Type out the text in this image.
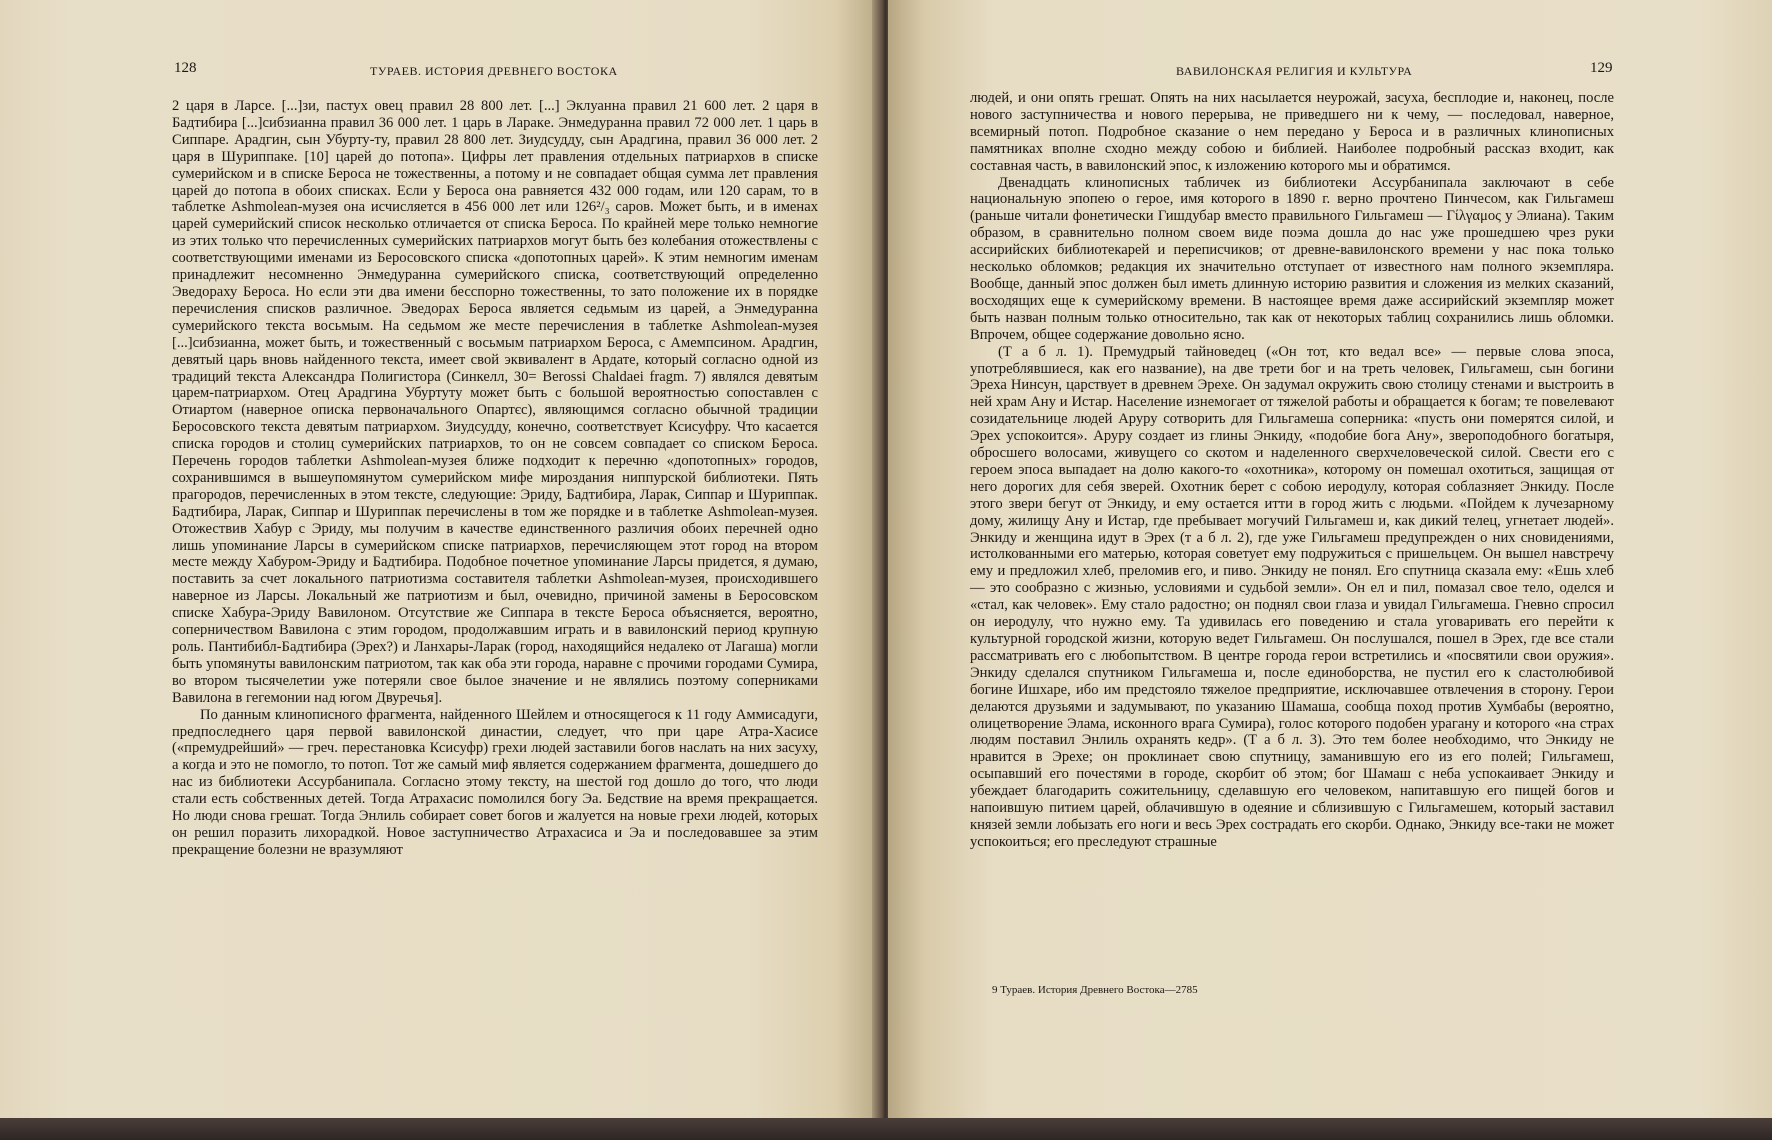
128	ТУРАЕВ. ИСТОРИЯ ДРЕВНЕГО ВОСТОКА

2 царя в Ларсе. [...]зи, пастух овец правил 28 800 лет. [...] Эклуанна правил 21 600 лет. 2 царя в Бадтибира [...]сибзианна правил 36 000 лет. 1 царь в Ларакe. Энмедуранна правил 72 000 лет. 1 царь в Сиппаре. Арадгин, сын Убурту-ту, правил 28 800 лет. Зиудсудду, сын Арадгина, правил 36 000 лет. 2 царя в Шуриппаке. [10] царей до потопа». Цифры лет правления отдельных патриархов в списке сумерийском и в списке Бероса не тожественны, а потому и не совпадает общая сумма лет правления царей до потопа в обоих списках. Если у Бероса она равняется 432 000 годам, или 120 сарам, то в таблетке Ashmolean-музея она исчисляется в 456 000 лет или 126²/₃ саров. Может быть, и в именах царей сумерийский список несколько отличается от списка Бероса. По крайней мере только немногие из этих только что перечисленных сумерийских патриархов могут быть без колебания отожествлены с соответствующими именами из Беросовского списка «допотопных царей». К этим немногим именам принадлежит несомненно Энмедуранна сумерийского списка, соответствующий определенно Эведораху Бероса. Но если эти два имени бесспорно тожественны, то зато положение их в порядке перечисления списков различное. Эведорах Бероса является седьмым из царей, а Энмедуранна сумерийского текста восьмым. На седьмом же месте перечисления в таблетке Ashmolean-музея [...]сибзианна, может быть, и тожественный с восьмым патриархом Бероса, с Амемпсином. Арадгин, девятый царь вновь найденного текста, имеет свой эквивалент в Ардате, который согласно одной из традиций текста Александра Полигистора (Синкелл, 30= Berossi Chaldaei fragm. 7) являлся девятым царем-патриархом. Отец Арадгина Убуртуту может быть с большой вероятностью сопоставлен с Отиартом (наверное описка первоначального Опартєс), являющимся согласно обычной традиции Беросовского текста девятым патриархом. Зиудсудду, конечно, соответствует Ксисуфру. Что касается списка городов и столиц сумерийских патриархов, то он не совсем совпадает со списком Бероса. Перечень городов таблетки Ashmolean-музея ближе подходит к перечню «допотопных» городов, сохранившимся в вышеупомянутом сумерийском мифе мироздания ниппурской библиотеки. Пять прагородов, перечисленных в этом тексте, следующие: Эриду, Бадтибира, Ларак, Сиппар и Шуриппак. Бадтибира, Ларак, Сиппар и Шуриппак перечислены в том же порядке и в таблетке Ashmolean-музея. Отожествив Хабур с Эриду, мы получим в качестве единственного различия обоих перечней одно лишь упоминание Ларсы в сумерийском списке патриархов, перечисляющем этот город на втором месте между Хабуром-Эриду и Бадтибира. Подобное почетное упоминание Ларсы придется, я думаю, поставить за счет локального патриотизма составителя таблетки Ashmolean-музея, происходившего наверное из Ларсы. Локальный же патриотизм и был, очевидно, причиной замены в Беросовском списке Хабура-Эриду Вавилоном. Отсутствие же Сиппара в тексте Бероса объясняется, вероятно, соперничеством Вавилона с этим городом, продолжавшим играть и в вавилонский период крупную роль. Пантибибл-Бадтибира (Эрех?) и Ланхары-Ларак (город, находящийся недалеко от Лагаша) могли быть упомянуты вавилонским патриотом, так как оба эти города, наравне с прочими городами Сумира, во втором тысячелетии уже потеряли свое былое значение и не являлись поэтому соперниками Вавилона в гегемонии над югом Двуречья].

По данным клинописного фрагмента, найденного Шейлем и относящегося к 11 году Аммисадуги, предпоследнего царя первой вавилонской династии, следует, что при царе Атра-Хасисе («премудрейший» — греч. перестановка Ксисуфр) грехи людей заставили богов наслать на них засуху, а когда и это не помогло, то потоп. Тот же самый миф является содержанием фрагмента, дошедшего до нас из библиотеки Ассурбанипала. Согласно этому тексту, на шестой год дошло до того, что люди стали есть собственных детей. Тогда Атрахасис помолился богу Эа. Бедствие на время прекращается. Но люди снова грешат. Тогда Энлиль собирает совет богов и жалуется на новые грехи людей, которых он решил поразить лихорадкой. Новое заступничество Атрахасиса и Эа и последовавшее за этим прекращение болезни не вразумляют

ВАВИЛОНСКАЯ РЕЛИГИЯ И КУЛЬТУРА	129

людей, и они опять грешат. Опять на них насылается неурожай, засуха, бесплодие и, наконец, после нового заступничества и нового перерыва, не приведшего ни к чему, — последовал, наверное, всемирный потоп. Подробное сказание о нем передано у Бероса и в различных клинописных памятниках вполне сходно между собою и библией. Наиболее подробный рассказ входит, как составная часть, в вавилонский эпос, к изложению которого мы и обратимся.

Двенадцать клинописных табличек из библиотеки Ассурбанипала заключают в себе национальную эпопею о герое, имя которого в 1890 г. верно прочтено Пинчесом, как Гильгамеш (раньше читали фонетически Гишдубар вместо правильного Гильгамеш — Γίλγαμος у Элиана). Таким образом, в сравнительно полном своем виде поэма дошла до нас уже прошедшею чрез руки ассирийских библиотекарей и переписчиков; от древне-вавилонского времени у нас пока только несколько обломков; редакция их значительно отступает от известного нам полного экземпляра. Вообще, данный эпос должен был иметь длинную историю развития и сложения из мелких сказаний, восходящих еще к сумерийскому времени. В настоящее время даже ассирийский экземпляр может быть назван полным только относительно, так как от некоторых таблиц сохранились лишь обломки. Впрочем, общее содержание довольно ясно.

(Т а б л. 1). Премудрый тайноведец («Он тот, кто ведал все» — первые слова эпоса, употреблявшиеся, как его название), на две трети бог и на треть человек, Гильгамеш, сын богини Эреха Нинсун, царствует в древнем Эрехе. Он задумал окружить свою столицу стенами и выстроить в ней храм Ану и Истар. Население изнемогает от тяжелой работы и обращается к богам; те повелевают созидательнице людей Аруру сотворить для Гильгамеша соперника: «пусть они померятся силой, и Эрех успокоится». Аруру создает из глины Энкиду, «подобие бога Ану», звероподобного богатыря, обросшего волосами, живущего со скотом и наделенного сверхчеловеческой силой. Свести его с героем эпоса выпадает на долю какого-то «охотника», которому он помешал охотиться, защищая от него дорогих для себя зверей. Охотник берет с собою иеродулу, которая соблазняет Энкиду. После этого звери бегут от Энкиду, и ему остается итти в город жить с людьми. «Пойдем к лучезарному дому, жилищу Ану и Истар, где пребывает могучий Гильгамеш и, как дикий телец, угнетает людей». Энкиду и женщина идут в Эрех (т а б л. 2), где уже Гильгамеш предупрежден о них сновидениями, истолкованными его матерью, которая советует ему подружиться с пришельцем. Он вышел навстречу ему и предложил хлеб, преломив его, и пиво. Энкиду не понял. Его спутница сказала ему: «Ешь хлеб — это сообразно с жизнью, условиями и судьбой земли». Он ел и пил, помазал свое тело, оделся и «стал, как человек». Ему стало радостно; он поднял свои глаза и увидал Гильгамеша. Гневно спросил он иеродулу, что нужно ему. Та удивилась его поведению и стала уговаривать его перейти к культурной городской жизни, которую ведет Гильгамеш. Он послушался, пошел в Эрех, где все стали рассматривать его с любопытством. В центре города герои встретились и «посвятили свои оружия». Энкиду сделался спутником Гильгамеша и, после единоборства, не пустил его к сластолюбивой богине Ишхаре, ибо им предстояло тяжелое предприятие, исключавшее отвлечения в сторону. Герои делаются друзьями и задумывают, по указанию Шамаша, сообща поход против Хумбабы (вероятно, олицетворение Элама, исконного врага Сумира), голос которого подобен урагану и которого «на страх людям поставил Энлиль охранять кедр». (Т а б л. 3). Это тем более необходимо, что Энкиду не нравится в Эрехе; он проклинает свою спутницу, заманившую его из его полей; Гильгамеш, осыпавший его почестями в городе, скорбит об этом; бог Шамаш с неба успокаивает Энкиду и убеждает благодарить сожительницу, сделавшую его человеком, напитавшую его пищей богов и напоившую питием царей, облачившую в одеяние и сблизившую с Гильгамешем, который заставил князей земли лобызать его ноги и весь Эрех сострадать его скорби. Однако, Энкиду все-таки не может успокоиться; его преследуют страшные

9 Тураев. История Древнего Востока—2785
